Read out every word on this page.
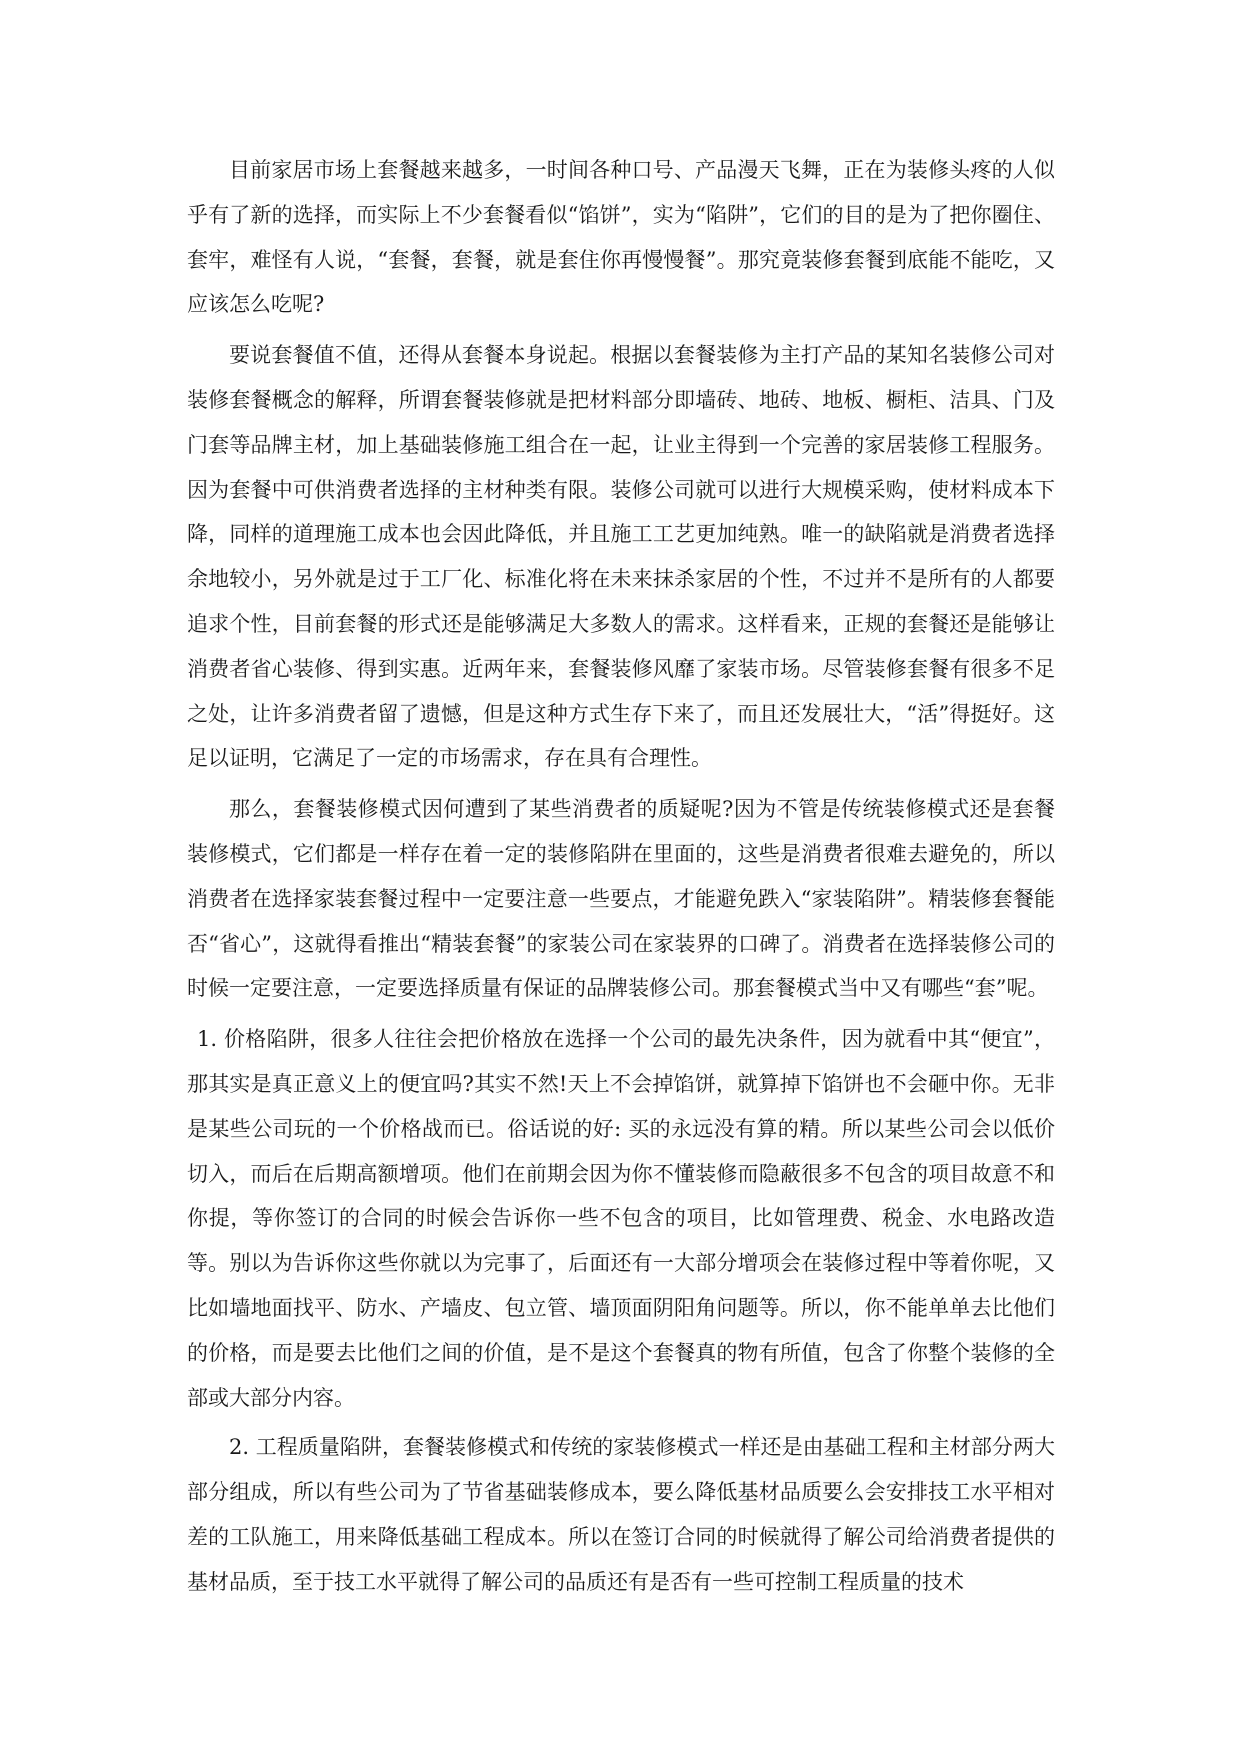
目前家居市场上套餐越来越多，一时间各种口号、产品漫天飞舞，正在为装修头疼的人似乎有了新的选择，而实际上不少套餐看似“馅饼”，实为“陷阱”，它们的目的是为了把你圈住、套牢，难怪有人说，“套餐，套餐，就是套住你再慢慢餐”。那究竟装修套餐到底能不能吃，又应该怎么吃呢?

要说套餐值不值，还得从套餐本身说起。根据以套餐装修为主打产品的某知名装修公司对装修套餐概念的解释，所谓套餐装修就是把材料部分即墙砖、地砖、地板、橱柜、洁具、门及门套等品牌主材，加上基础装修施工组合在一起，让业主得到一个完善的家居装修工程服务。因为套餐中可供消费者选择的主材种类有限。装修公司就可以进行大规模采购，使材料成本下降，同样的道理施工成本也会因此降低，并且施工工艺更加纯熟。唯一的缺陷就是消费者选择余地较小，另外就是过于工厂化、标准化将在未来抹杀家居的个性，不过并不是所有的人都要追求个性，目前套餐的形式还是能够满足大多数人的需求。这样看来，正规的套餐还是能够让消费者省心装修、得到实惠。近两年来，套餐装修风靡了家装市场。尽管装修套餐有很多不足之处，让许多消费者留了遗憾，但是这种方式生存下来了，而且还发展壮大，“活”得挺好。这足以证明，它满足了一定的市场需求，存在具有合理性。

那么，套餐装修模式因何遭到了某些消费者的质疑呢?因为不管是传统装修模式还是套餐装修模式，它们都是一样存在着一定的装修陷阱在里面的，这些是消费者很难去避免的，所以消费者在选择家装套餐过程中一定要注意一些要点，才能避免跌入“家装陷阱”。精装修套餐能否“省心”，这就得看推出“精装套餐”的家装公司在家装界的口碑了。消费者在选择装修公司的时候一定要注意，一定要选择质量有保证的品牌装修公司。那套餐模式当中又有哪些“套”呢。

1. 价格陷阱，很多人往往会把价格放在选择一个公司的最先决条件，因为就看中其“便宜”，那其实是真正意义上的便宜吗?其实不然!天上不会掉馅饼，就算掉下馅饼也不会砸中你。无非是某些公司玩的一个价格战而已。俗话说的好: 买的永远没有算的精。所以某些公司会以低价切入，而后在后期高额增项。他们在前期会因为你不懂装修而隐蔽很多不包含的项目故意不和你提，等你签订的合同的时候会告诉你一些不包含的项目，比如管理费、税金、水电路改造等。别以为告诉你这些你就以为完事了，后面还有一大部分增项会在装修过程中等着你呢，又比如墙地面找平、防水、产墙皮、包立管、墙顶面阴阳角问题等。所以，你不能单单去比他们的价格，而是要去比他们之间的价值，是不是这个套餐真的物有所值，包含了你整个装修的全部或大部分内容。

2. 工程质量陷阱，套餐装修模式和传统的家装修模式一样还是由基础工程和主材部分两大部分组成，所以有些公司为了节省基础装修成本，要么降低基材品质要么会安排技工水平相对差的工队施工，用来降低基础工程成本。所以在签订合同的时候就得了解公司给消费者提供的基材品质，至于技工水平就得了解公司的品质还有是否有一些可控制工程质量的技术
